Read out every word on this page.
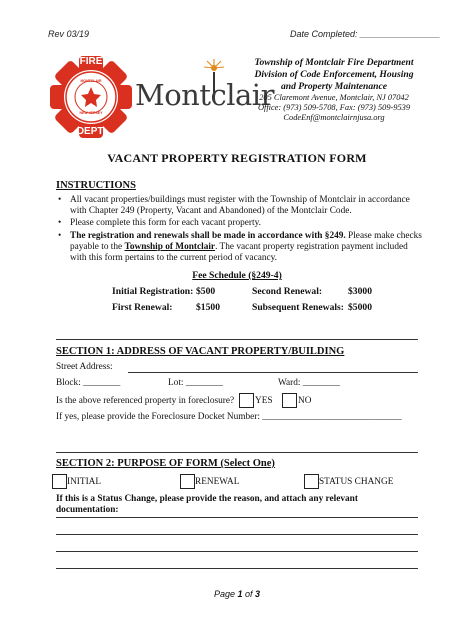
Rev 03/19	Date Completed: ________________
FIRE
DEPT.
MONTCLAIR
NEW JERSEY
Montclair
Township of Montclair Fire Department
Division of Code Enforcement, Housing
and Property Maintenance
205 Claremont Avenue, Montclair, NJ 07042
Office: (973) 509-5708, Fax: (973) 509-9539
CodeEnf@montclairnjusa.org
VACANT PROPERTY REGISTRATION FORM
INSTRUCTIONS
• All vacant properties/buildings must register with the Township of Montclair in accordance with Chapter 249 (Property, Vacant and Abandoned) of the Montclair Code.
• Please complete this form for each vacant property.
• The registration and renewals shall be made in accordance with §249. Please make checks payable to the Township of Montclair. The vacant property registration payment included with this form pertains to the current period of vacancy.
Fee Schedule (§249-4)
Initial Registration: $500	Second Renewal:	$3000
First Renewal: $1500	Subsequent Renewals: $5000
SECTION 1: ADDRESS OF VACANT PROPERTY/BUILDING
Street Address:
Block: ________	Lot: ________	Ward: ________
Is the above referenced property in foreclosure? YES	NO
If yes, please provide the Foreclosure Docket Number: ______________________________
SECTION 2: PURPOSE OF FORM (Select One)
INITIAL	RENEWAL	STATUS CHANGE
If this is a Status Change, please provide the reason, and attach any relevant documentation:
Page 1 of 3
